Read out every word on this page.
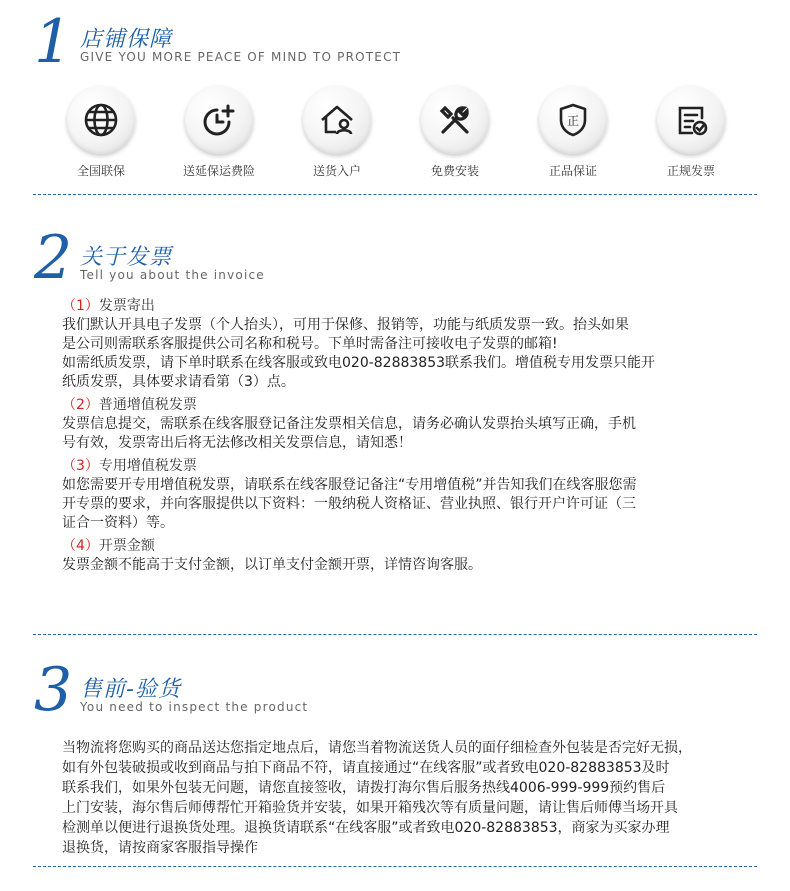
1 店铺保障
GIVE YOU MORE PEACE OF MIND TO PROTECT
全国联保	送延保运费险	送货入户	免费安装
正
正品保证	正规发票
2 关于发票
Tell you about the invoice
（1）发票寄出
我们默认开具电子发票（个人抬头），可用于保修、报销等，功能与纸质发票一致。抬头如果
是公司则需联系客服提供公司名称和税号。下单时需备注可接收电子发票的邮箱!
如需纸质发票，请下单时联系在线客服或致电020-82883853联系我们。增值税专用发票只能开
纸质发票，具体要求请看第（3）点。
（2）普通增值税发票
发票信息提交，需联系在线客服登记备注发票相关信息，请务必确认发票抬头填写正确，手机
号有效，发票寄出后将无法修改相关发票信息，请知悉！
（3）专用增值税发票
如您需要开专用增值税发票，请联系在线客服登记备注“专用增值税”并告知我们在线客服您需
开专票的要求，并向客服提供以下资料：一般纳税人资格证、营业执照、银行开户许可证（三
证合一资料）等。
（4）开票金额
发票金额不能高于支付金额，以订单支付金额开票，详情咨询客服。
3 售前-验货
You need to inspect the product
当物流将您购买的商品送达您指定地点后，请您当着物流送货人员的面仔细检查外包装是否完好无损，
如有外包装破损或收到商品与拍下商品不符，请直接通过“在线客服”或者致电020-82883853及时
联系我们，如果外包装无问题，请您直接签收，请拨打海尔售后服务热线4006-999-999预约售后
上门安装，海尔售后师傅帮忙开箱验货并安装，如果开箱残次等有质量问题，请让售后师傅当场开具
检测单以便进行退换货处理。退换货请联系“在线客服”或者致电020-82883853，商家为买家办理
退换货，请按商家客服指导操作
